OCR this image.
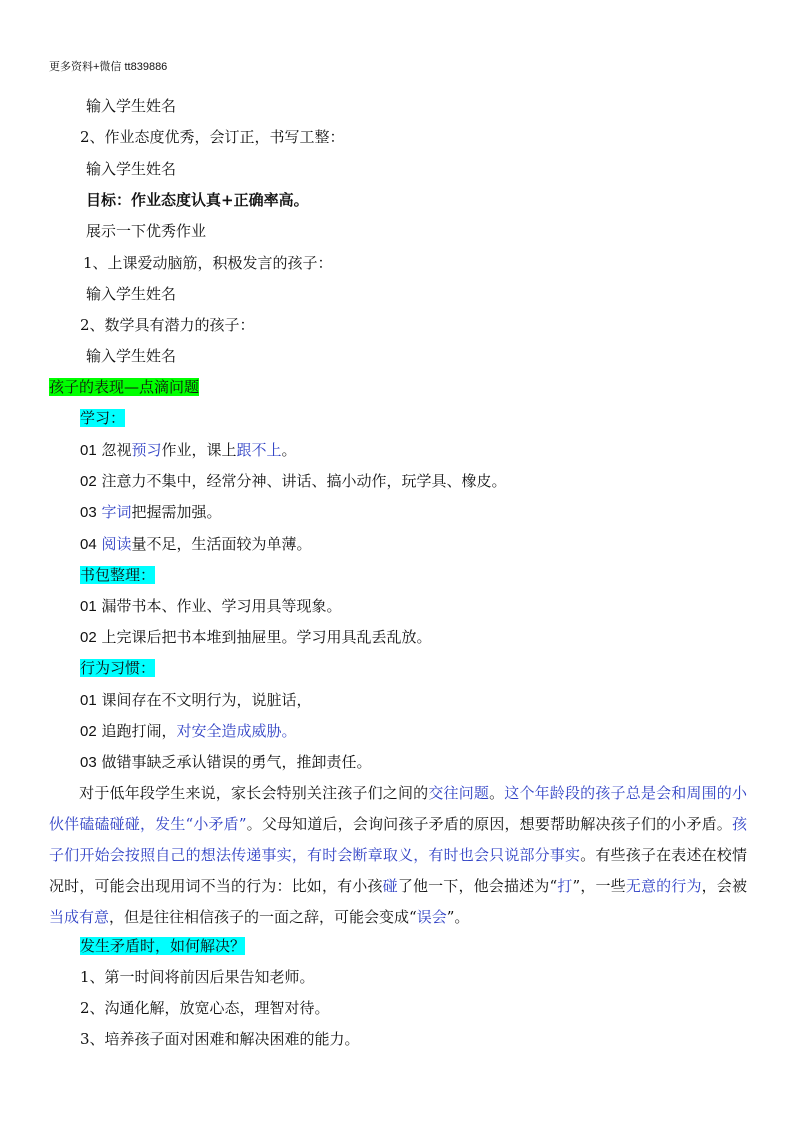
更多资料+微信 tt839886
输入学生姓名
2、作业态度优秀，会订正，书写工整：
输入学生姓名
目标：作业态度认真+正确率高。
展示一下优秀作业
1、上课爱动脑筋，积极发言的孩子：
输入学生姓名
2、数学具有潜力的孩子：
输入学生姓名
孩子的表现—点滴问题
学习：
01 忽视预习作业，课上跟不上。
02 注意力不集中，经常分神、讲话、搞小动作，玩学具、橡皮。
03 字词把握需加强。
04 阅读量不足，生活面较为单薄。
书包整理：
01 漏带书本、作业、学习用具等现象。
02 上完课后把书本堆到抽屉里。学习用具乱丢乱放。
行为习惯：
01 课间存在不文明行为，说脏话，
02 追跑打闹，对安全造成威胁。
03 做错事缺乏承认错误的勇气，推卸责任。
对于低年段学生来说，家长会特别关注孩子们之间的交往问题。这个年龄段的孩子总是会和周围的小伙伴磕磕碰碰，发生“小矛盾”。父母知道后，会询问孩子矛盾的原因，想要帮助解决孩子们的小矛盾。孩子们开始会按照自己的想法传递事实，有时会断章取义，有时也会只说部分事实。有些孩子在表述在校情况时，可能会出现用词不当的行为：比如，有小孩碰了他一下，他会描述为“打”，一些无意的行为，会被当成有意，但是往往相信孩子的一面之辞，可能会变成“误会”。
发生矛盾时，如何解决？
1、第一时间将前因后果告知老师。
2、沟通化解，放宽心态，理智对待。
3、培养孩子面对困难和解决困难的能力。
